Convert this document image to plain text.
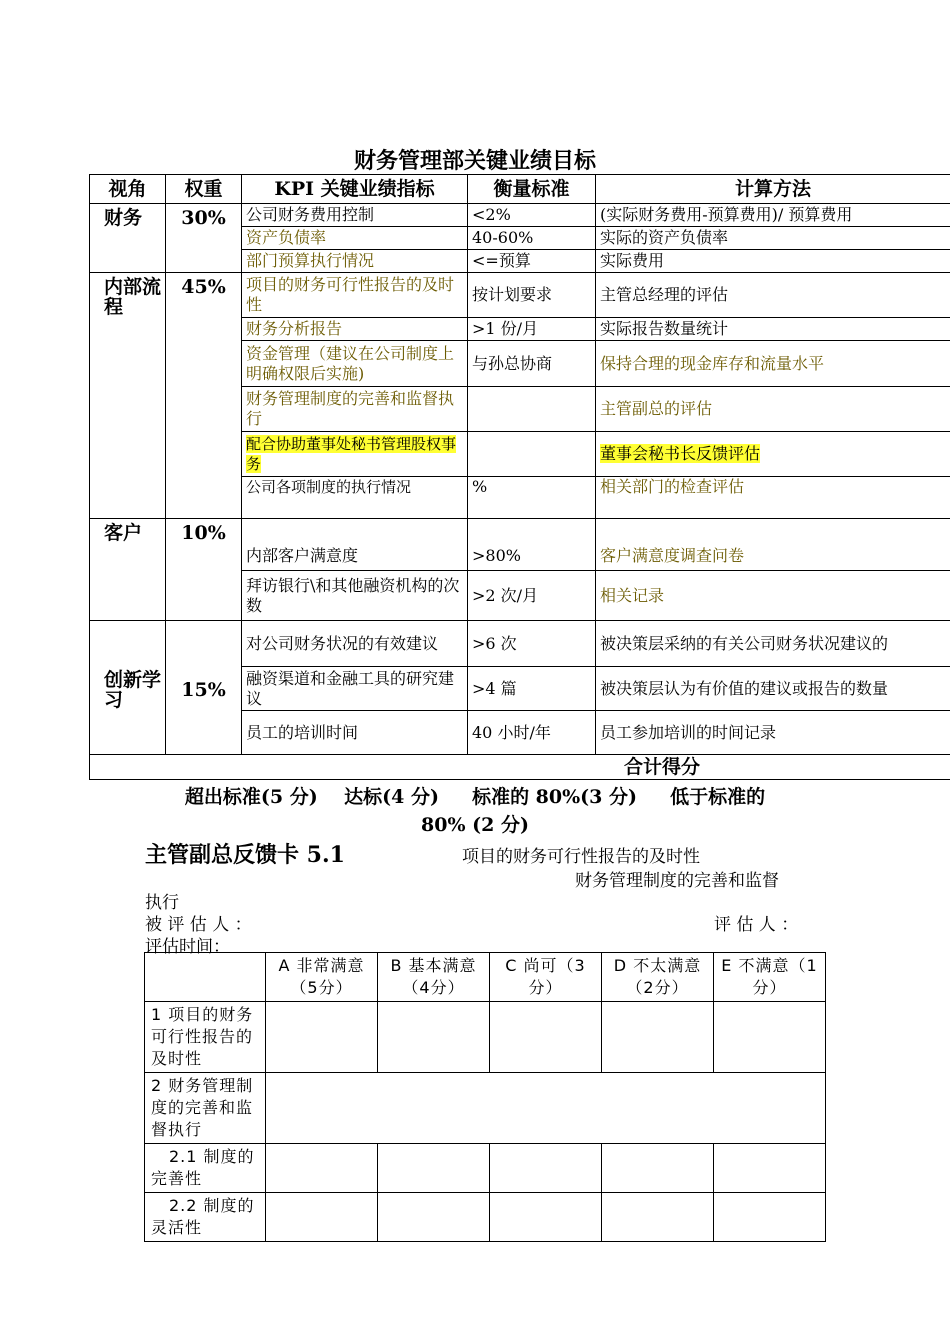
财务管理部关键业绩目标
视角	权重	KPI 关键业绩指标	衡量标准	计算方法
财务	30%	公司财务费用控制	<2%	(实际财务费用-预算费用)/ 预算费用
		资产负债率	40-60%	实际的资产负债率
		部门预算执行情况	<=预算	实际费用
内部流程	45%	项目的财务可行性报告的及时性	按计划要求	主管总经理的评估
		财务分析报告	>1 份/月	实际报告数量统计
		资金管理（建议在公司制度上明确权限后实施)	与孙总协商	保持合理的现金库存和流量水平
		财务管理制度的完善和监督执行		主管副总的评估
		配合协助董事处秘书管理股权事务		董事会秘书长反馈评估
		公司各项制度的执行情况	%	相关部门的检查评估
客户	10%	内部客户满意度	>80%	客户满意度调查问卷
		拜访银行\和其他融资机构的次数	>2 次/月	相关记录
创新学习	15%	对公司财务状况的有效建议	>6 次	被决策层采纳的有关公司财务状况建议的
		融资渠道和金融工具的研究建议	>4 篇	被决策层认为有价值的建议或报告的数量
		员工的培训时间	40 小时/年	员工参加培训的时间记录
合计得分				
超出标准(5 分)    达标(4 分)     标准的 80%(3 分)     低于标准的
80% (2 分)
主管副总反馈卡 5.1	项目的财务可行性报告的及时性
财务管理制度的完善和监督
执行
被 评 估 人 ：	评 估 人 ：
评估时间：
	A 非常满意（5分）	B 基本满意（4分）	C 尚可（3分）	D 不太满意（2分）	E 不满意（1分）
1 项目的财务可行性报告的及时性					
2 财务管理制度的完善和监督执行					
2.1 制度的完善性					
2.2 制度的灵活性					
